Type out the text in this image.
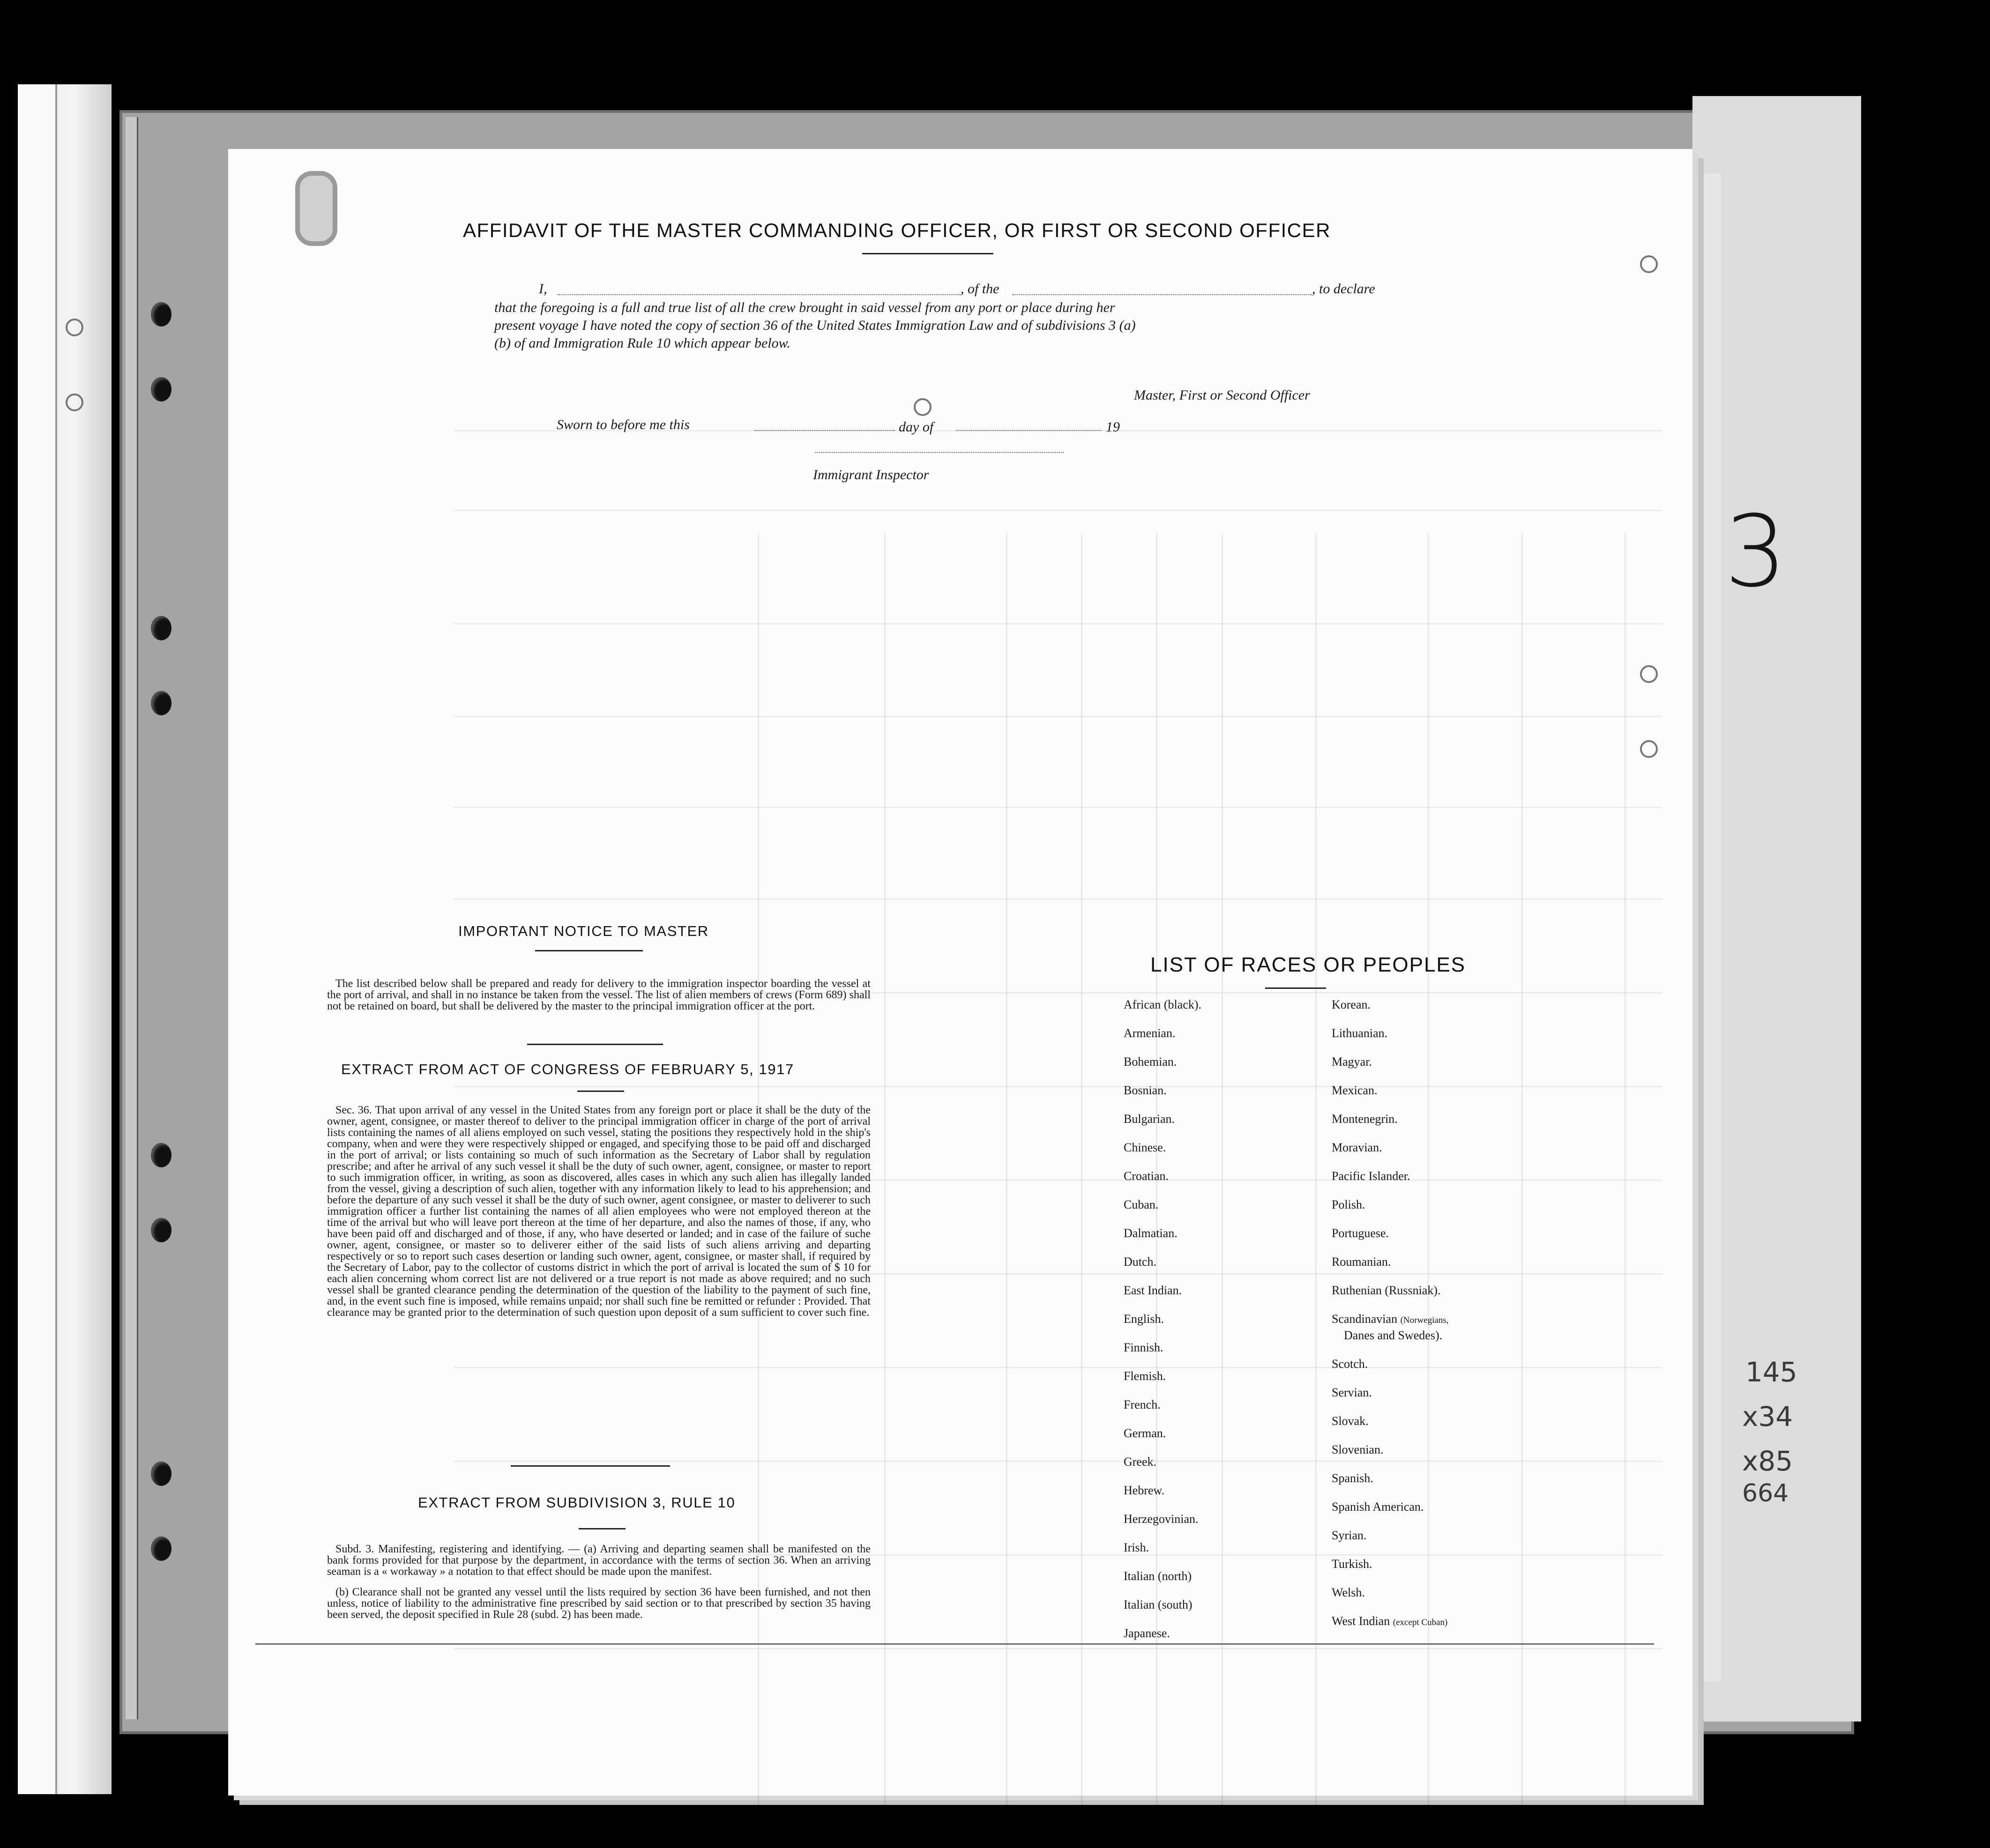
AFFIDAVIT OF THE MASTER COMMANDING OFFICER, OR FIRST OR SECOND OFFICER
I,	, of the	, to declare
that the foregoing is a full and true list of all the crew brought in said vessel from any port or place during her
present voyage I have noted the copy of section 36 of the United States Immigration Law and of subdivisions 3 (a)
(b) of and Immigration Rule 10 which appear below.
Master, First or Second Officer
Sworn to before me this	day of	19
Immigrant Inspector
IMPORTANT NOTICE TO MASTER
The list described below shall be prepared and ready for delivery to the immigration inspector boarding the vessel at the port of arrival, and shall in no instance be taken from the vessel. The list of alien members of crews (Form 689) shall not be retained on board, but shall be delivered by the master to the principal immigration officer at the port.
EXTRACT FROM ACT OF CONGRESS OF FEBRUARY 5, 1917
Sec. 36. That upon arrival of any vessel in the United States from any foreign port or place it shall be the duty of the owner, agent, consignee, or master thereof to deliver to the principal immigration officer in charge of the port of arrival lists containing the names of all aliens employed on such vessel, stating the positions they respectively hold in the ship's company, when and were they were respectively shipped or engaged, and specifying those to be paid off and discharged in the port of arrival; or lists containing so much of such information as the Secretary of Labor shall by regulation prescribe; and after he arrival of any such vessel it shall be the duty of such owner, agent, consignee, or master to report to such immigration officer, in writing, as soon as discovered, alles cases in which any such alien has illegally landed from the vessel, giving a description of such alien, together with any information likely to lead to his apprehension; and before the departure of any such vessel it shall be the duty of such owner, agent consignee, or master to deliverer to such immigration officer a further list containing the names of all alien employees who were not employed thereon at the time of the arrival but who will leave port thereon at the time of her departure, and also the names of those, if any, who have been paid off and discharged and of those, if any, who have deserted or landed; and in case of the failure of suche owner, agent, consignee, or master so to deliverer either of the said lists of such aliens arriving and departing respectively or so to report such cases desertion or landing such owner, agent, consignee, or master shall, if required by the Secretary of Labor, pay to the collector of customs district in which the port of arrival is located the sum of $ 10 for each alien concerning whom correct list are not delivered or a true report is not made as above required; and no such vessel shall be granted clearance pending the determination of the question of the liability to the payment of such fine, and, in the event such fine is imposed, while remains unpaid; nor shall such fine be remitted or refunder : Provided. That clearance may be granted prior to the determination of such question upon deposit of a sum sufficient to cover such fine.
EXTRACT FROM SUBDIVISION 3, RULE 10
Subd. 3. Manifesting, registering and identifying. — (a) Arriving and departing seamen shall be manifested on the bank forms provided for that purpose by the department, in accordance with the terms of section 36. When an arriving seaman is a « workaway » a notation to that effect should be made upon the manifest.
(b) Clearance shall not be granted any vessel until the lists required by section 36 have been furnished, and not then unless, notice of liability to the administrative fine prescribed by said section or to that prescribed by section 35 having been served, the deposit specified in Rule 28 (subd. 2) has been made.
LIST OF RACES OR PEOPLES
African (black).
Armenian.
Bohemian.
Bosnian.
Bulgarian.
Chinese.
Croatian.
Cuban.
Dalmatian.
Dutch.
East Indian.
English.
Finnish.
Flemish.
French.
German.
Greek.
Hebrew.
Herzegovinian.
Irish.
Italian (north)
Italian (south)
Japanese.
Korean.
Lithuanian.
Magyar.
Mexican.
Montenegrin.
Moravian.
Pacific Islander.
Polish.
Portuguese.
Roumanian.
Ruthenian (Russniak).
Scandinavian (Norwegians,
Danes and Swedes).
Scotch.
Servian.
Slovak.
Slovenian.
Spanish.
Spanish American.
Syrian.
Turkish.
Welsh.
West Indian (except Cuban)
3
145
x34
x85
664
